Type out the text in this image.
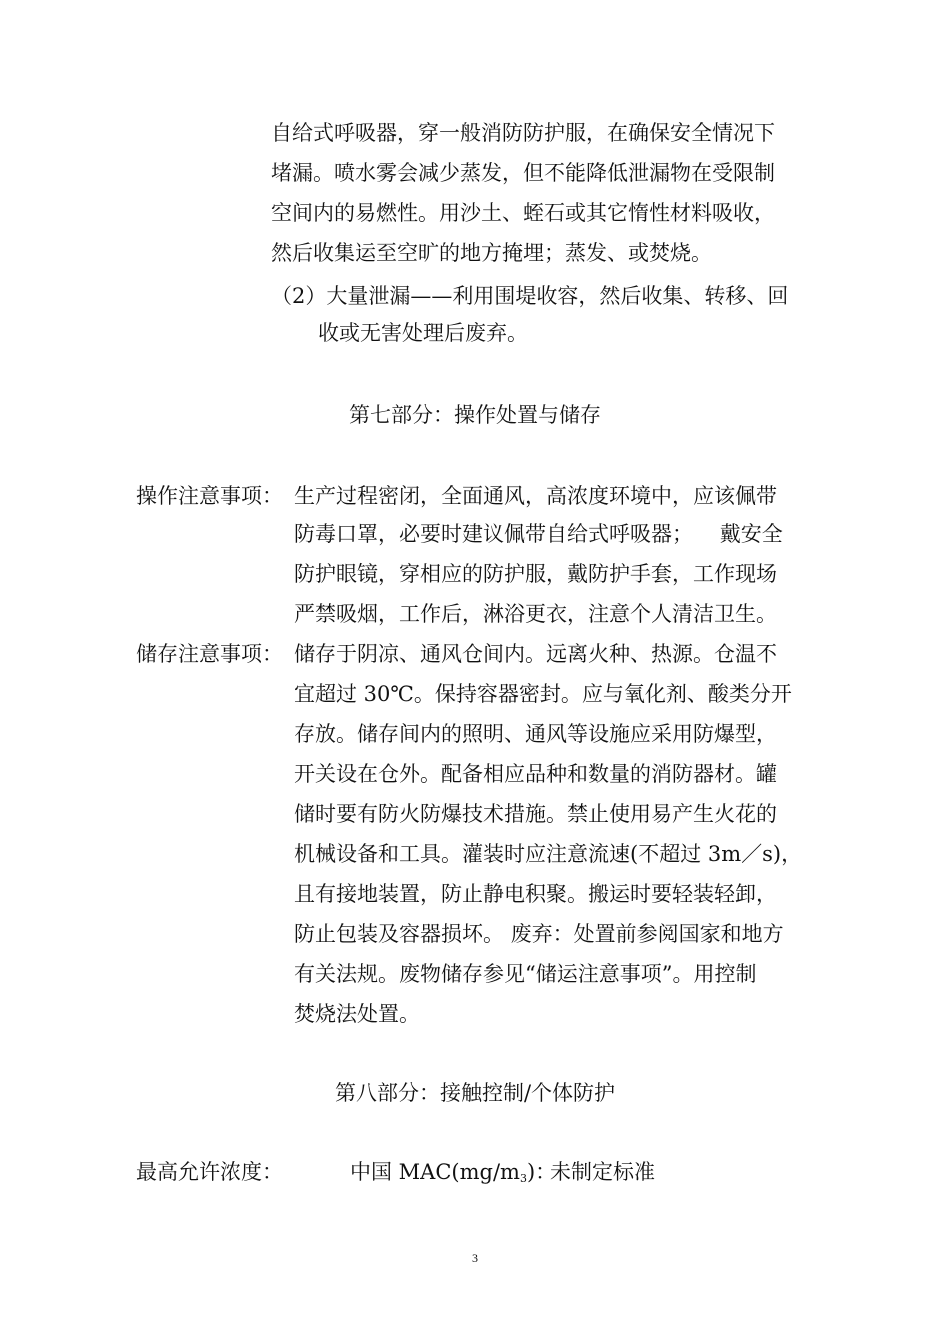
自给式呼吸器，穿一般消防防护服，在确保安全情况下
堵漏。喷水雾会减少蒸发，但不能降低泄漏物在受限制
空间内的易燃性。用沙土、蛭石或其它惰性材料吸收，
然后收集运至空旷的地方掩埋；蒸发、或焚烧。
（2）大量泄漏——利用围堤收容，然后收集、转移、回
收或无害处理后废弃。
第七部分：操作处置与储存
操作注意事项： 生产过程密闭，全面通风，高浓度环境中，应该佩带
防毒口罩，必要时建议佩带自给式呼吸器；    戴安全
防护眼镜，穿相应的防护服，戴防护手套，工作现场
严禁吸烟，工作后，淋浴更衣，注意个人清洁卫生。
储存注意事项： 储存于阴凉、通风仓间内。远离火种、热源。仓温不
宜超过 30℃。保持容器密封。应与氧化剂、酸类分开
存放。储存间内的照明、通风等设施应采用防爆型，
开关设在仓外。配备相应品种和数量的消防器材。罐
储时要有防火防爆技术措施。禁止使用易产生火花的
机械设备和工具。灌装时应注意流速(不超过 3m／s)，
且有接地装置，防止静电积聚。搬运时要轻装轻卸，
防止包装及容器损坏。 废弃：处置前参阅国家和地方
有关法规。废物储存参见“储运注意事项”。用控制
焚烧法处置。
第八部分：接触控制/个体防护
最高允许浓度：	中国 $MAC(mg/m_3)$：
未制定标准
3
